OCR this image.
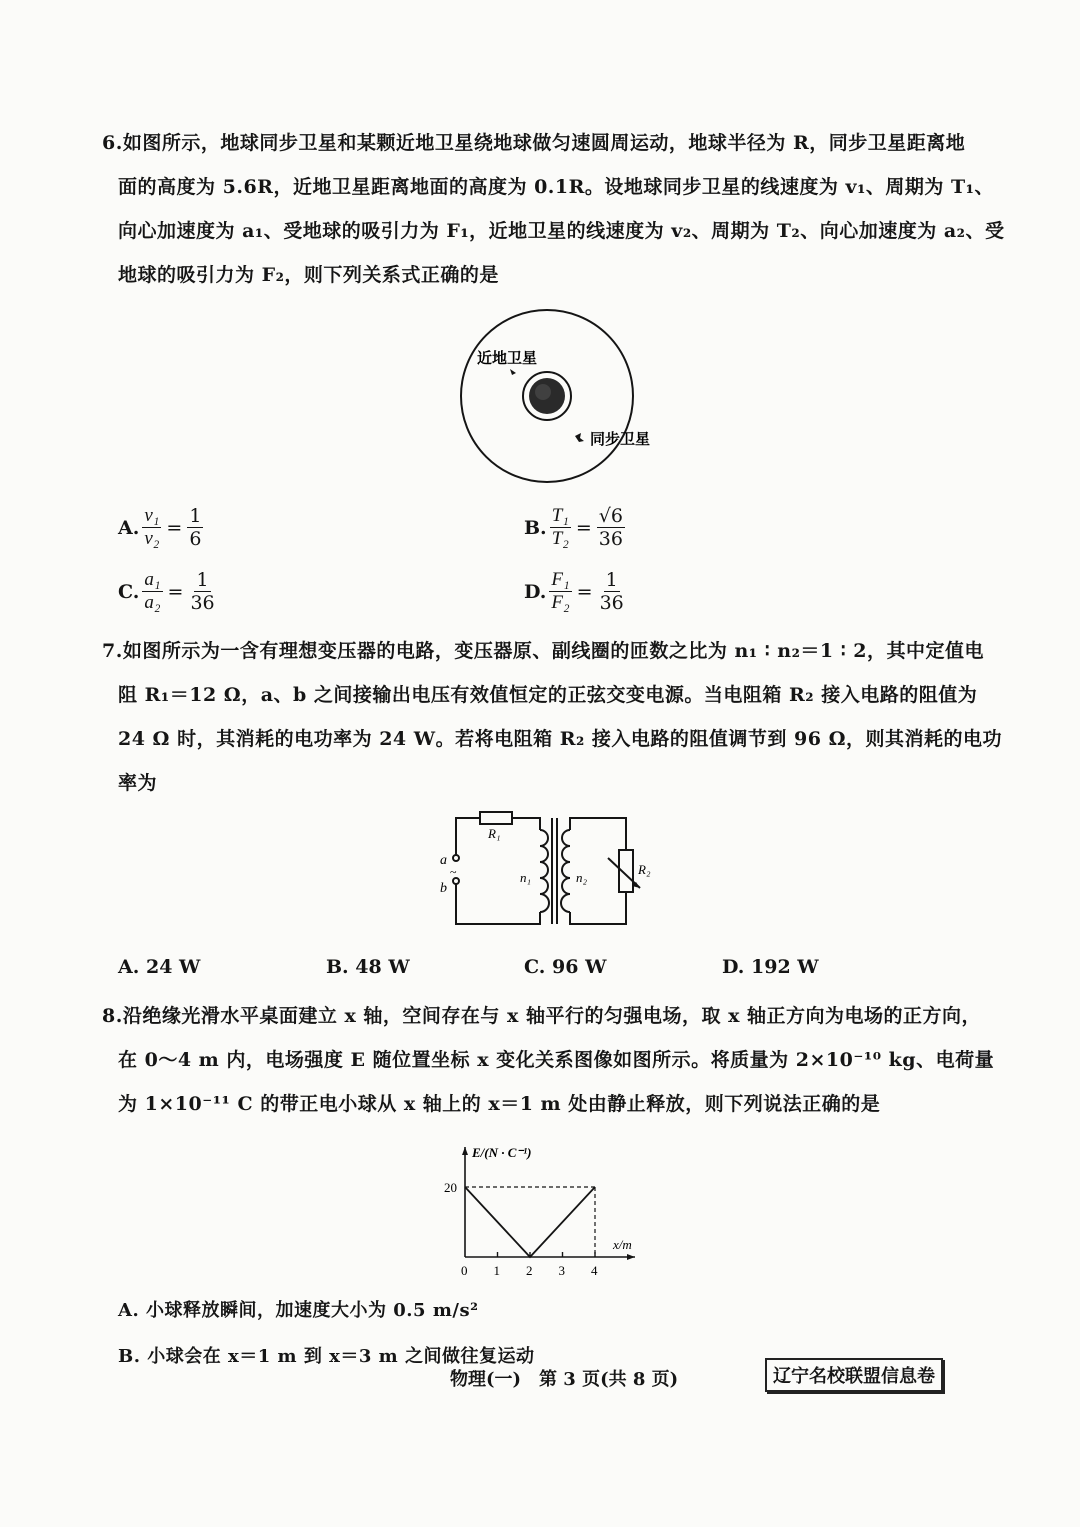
6.如图所示，地球同步卫星和某颗近地卫星绕地球做匀速圆周运动，地球半径为 R，同步卫星距离地
面的高度为 5.6R，近地卫星距离地面的高度为 0.1R。设地球同步卫星的线速度为 v₁、周期为 T₁、
向心加速度为 a₁、受地球的吸引力为 F₁，近地卫星的线速度为 v₂、周期为 T₂、向心加速度为 a₂、受
地球的吸引力为 F₂，则下列关系式正确的是
近地卫星
同步卫星
A. $\frac{\text{v₁}}{\text{v₂}} = \frac{1}{6}$	B. $\frac{\text{T₁}}{\text{T₂}} = \frac{√6}{36}$
C. $\frac{\text{a₁}}{\text{a₂}} = \frac{1}{36}$	D. $\frac{\text{F₁}}{\text{F₂}} = \frac{1}{36}$
7.如图所示为一含有理想变压器的电路，变压器原、副线圈的匝数之比为 n₁ ∶ n₂＝1 ∶ 2，其中定值电
阻 R₁＝12 Ω，a、b 之间接输出电压有效值恒定的正弦交变电源。当电阻箱 R₂ 接入电路的阻值为
24 Ω 时，其消耗的电功率为 24 W。若将电阻箱 R₂ 接入电路的阻值调节到 96 Ω，则其消耗的电功
率为
R₁
R₂
n₁	n₂
a
b
~
A. 24 W	B. 48 W	C. 96 W	D. 192 W
8.沿绝缘光滑水平桌面建立 x 轴，空间存在与 x 轴平行的匀强电场，取 x 轴正方向为电场的正方向，
在 0～4 m 内，电场强度 E 随位置坐标 x 变化关系图像如图所示。将质量为 2×10⁻¹⁰ kg、电荷量
为 1×10⁻¹¹ C 的带正电小球从 x 轴上的 x＝1 m 处由静止释放，则下列说法正确的是
0 1 2 3 4
20
E/(N · C⁻¹)
x/m
A. 小球释放瞬间，加速度大小为 0.5 m/s²
B. 小球会在 x＝1 m 到 x＝3 m 之间做往复运动
物理(一)　第 3 页(共 8 页)	辽宁名校联盟信息卷
